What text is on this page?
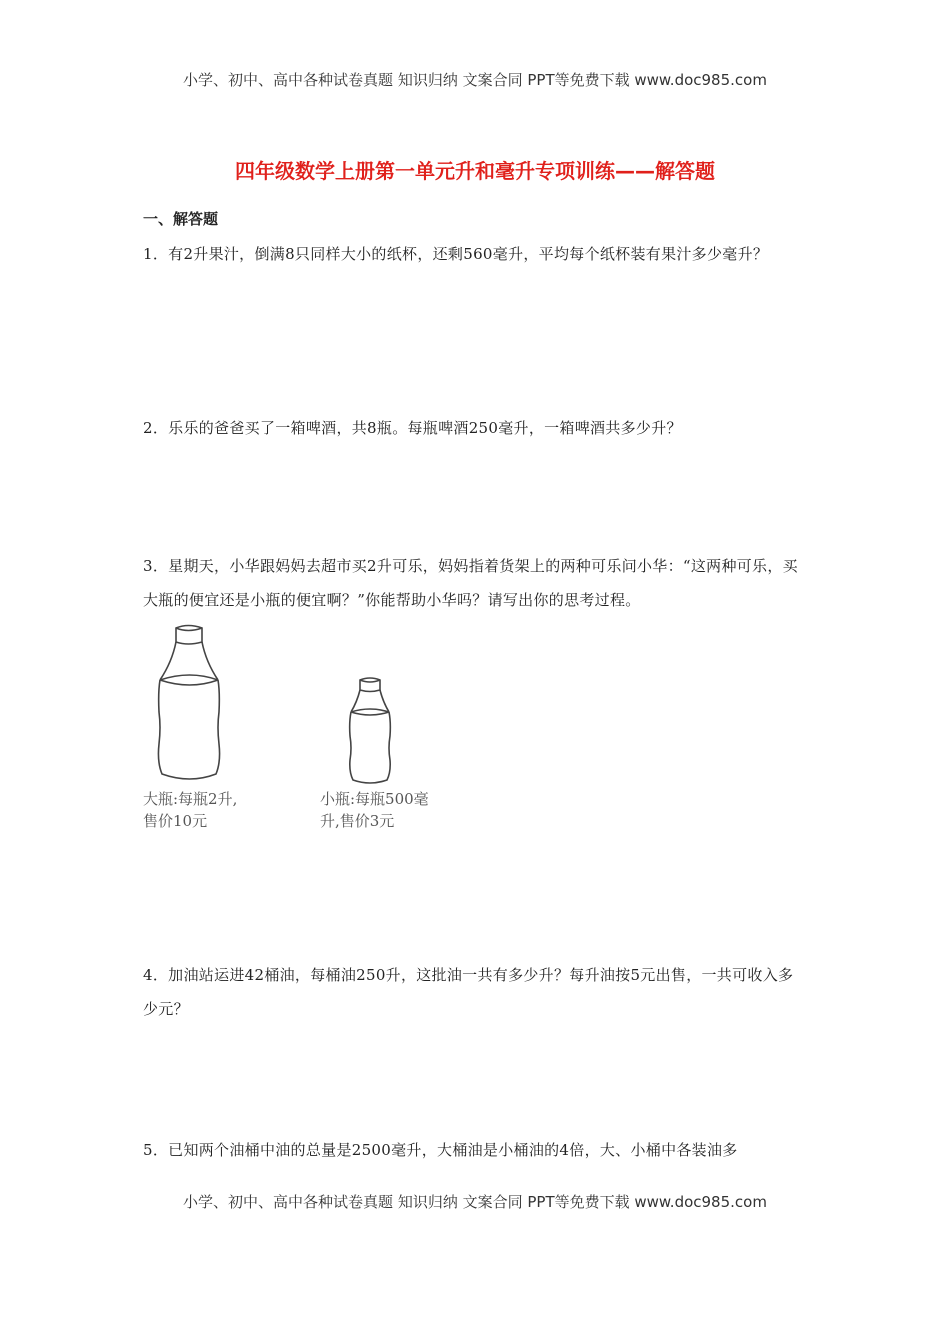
小学、初中、高中各种试卷真题 知识归纳 文案合同 PPT等免费下载 www.doc985.com
四年级数学上册第一单元升和毫升专项训练——解答题
一、解答题
1．有2升果汁，倒满8只同样大小的纸杯，还剩560毫升，平均每个纸杯装有果汁多少毫升？
2．乐乐的爸爸买了一箱啤酒，共8瓶。每瓶啤酒250毫升，一箱啤酒共多少升？
3．星期天，小华跟妈妈去超市买2升可乐，妈妈指着货架上的两种可乐问小华：“这两种可乐，买大瓶的便宜还是小瓶的便宜啊？”你能帮助小华吗？请写出你的思考过程。
大瓶:每瓶2升,
售价10元
小瓶:每瓶500毫
升,售价3元
4．加油站运进42桶油，每桶油250升，这批油一共有多少升？每升油按5元出售，一共可收入多少元？
5．已知两个油桶中油的总量是2500毫升，大桶油是小桶油的4倍，大、小桶中各装油多
小学、初中、高中各种试卷真题 知识归纳 文案合同 PPT等免费下载 www.doc985.com
